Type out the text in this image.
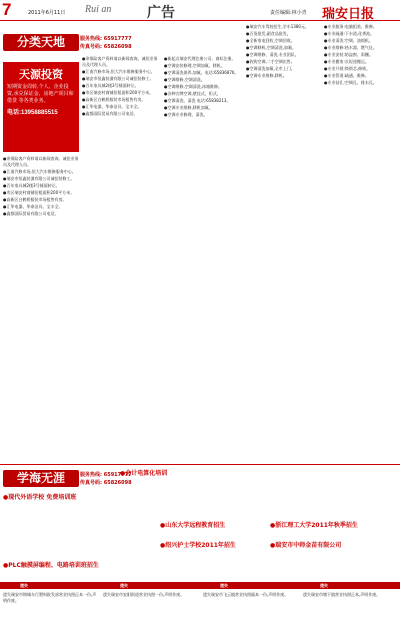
7	2011年6月11日 Rui an	广告	责任编辑:林小青 瑞安日报
分类天地	服务热线: 65917777
传真号码: 65826098
天源投资
短期资金周转,个人、企业投资,承兑保证金、房地产项目和借贷 等各类业务。
电话:13958885515
●余保险客户资料请以新闻查询。诚招业务员及代理人员。
●江南汽修市场,恒大汽车维修服务中心。
●瑞安市恒鑫装潢有限公司诚招装修工。
●百年家具城2楼3号铺面转让。
●市区瑞安村商铺招租面积200平方米。
●高新区白鹤桥服装市场租售有房。
●汇华电器、华泰洁具、宝丰全。
●鑫都国际贸易有限公司电话。
●余保险客户资料请以新闻查询。诚招业务员及代理人员。
●江南汽修市场,恒大汽车维修服务中心。
●瑞安市恒鑫装潢有限公司诚招装修工。
●百年家具城2楼3号铺面转让。
●市区瑞安村商铺招租面积200平方米。
●高新区白鹤桥服装市场租售有房。
●汇华电器、华泰洁具、宝丰全。
●鑫都国际贸易有限公司电话。
●新起点瑞安代理注册公司、商标注册。
●空调安装修理,空调加氟、移机。
●空调清洗保养,加氟。电话:65836876。
●空调维修,空调清洗。
●空调维修,空调清洗,冰箱维修。
●各种名牌空调,壁挂式、柜式。
●空调清洗、清洗 电话:65838213。
●空调专业维修,移机加氟。
●空调专业修理、清洗。
●瑞安汽车驾校招生,学车1380元。
●百货批发,副食品批发。
●全新家电回收,空调回收。
●空调移机,空调清洗,加氟。
●空调维修、清洗,专业团队。
●收购空调,二手空调出售。
●空调清洗加氟,全市上门。
●空调专业维修,移机。
●专业服务:电脑组装、维修。
●专业疏通:下水道,化粪池。
●专业清洗:空调、油烟机。
●专业维修:热水器、燃气灶。
●专业安装:防盗窗、雨棚。
●专业搬家:长短途搬运。
●专业开锁:换锁芯,修锁。
●专业管道:疏通、维修。
●专业钻孔:空调孔、排水孔。
学海无涯	服务热线: 65917777
传真号码: 65826098
●现代外语学校 免费培训班
●会计电算化培训
●山东大学远程教育招生	●浙江理工大学2011年秋季招生
●绍兴护士学校2011年招生	●瑞安市中师金苗有限公司
●PLC触摸屏编程、电路培训班招生
遗失	遗失	遗失	遗失
遗失瑞安市锦城车行塑料批发部营业执照正本一份,声明作废。
遗失瑞安市安阳街道营业执照一份,声明作废。	遗失瑞安市飞云镇营业执照副本一份,声明作废。	遗失瑞安市塘下镇营业执照正本,声明作废。
